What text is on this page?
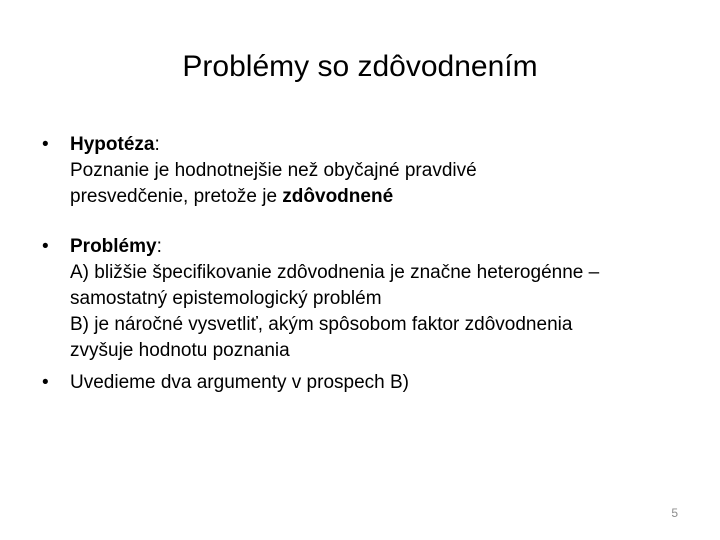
Problémy so zdôvodnením
•	Hypotéza:
Poznanie je hodnotnejšie než obyčajné pravdivé
presvedčenie, pretože je zdôvodnené
•	Problémy:
A) bližšie špecifikovanie zdôvodnenia je značne heterogénne –
samostatný epistemologický problém
B) je náročné vysvetliť, akým spôsobom faktor zdôvodnenia
zvyšuje hodnotu poznania
•	Uvedieme dva argumenty v prospech B)
5
